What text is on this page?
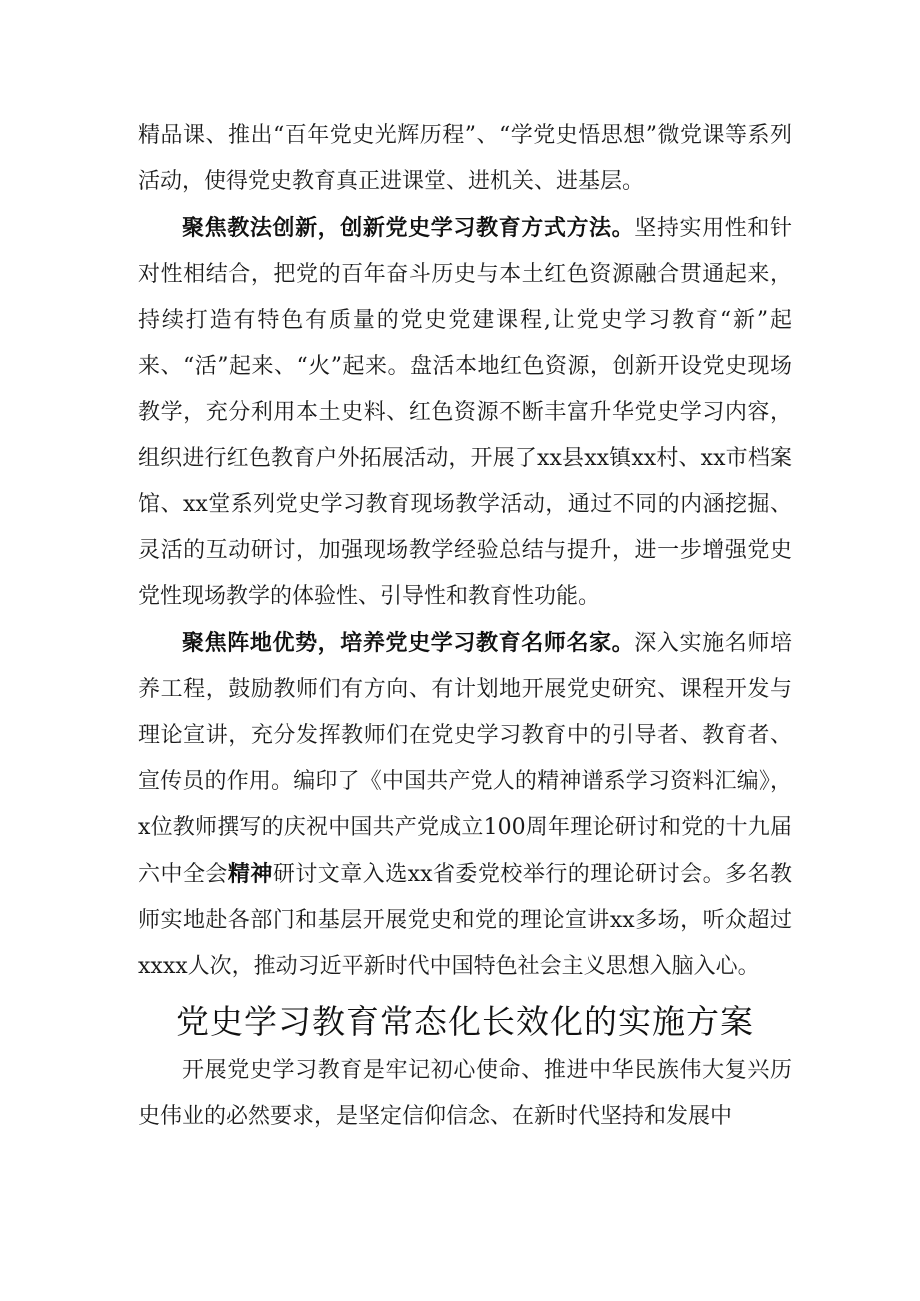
精品课、推出“百年党史光辉历程”、“学党史悟思想”微党课等系列活动，使得党史教育真正进课堂、进机关、进基层。

聚焦教法创新，创新党史学习教育方式方法。坚持实用性和针对性相结合，把党的百年奋斗历史与本土红色资源融合贯通起来，持续打造有特色有质量的党史党建课程,让党史学习教育“新”起来、“活”起来、“火”起来。盘活本地红色资源，创新开设党史现场教学，充分利用本土史料、红色资源不断丰富升华党史学习内容，组织进行红色教育户外拓展活动，开展了xx县xx镇xx村、xx市档案馆、xx堂系列党史学习教育现场教学活动，通过不同的内涵挖掘、灵活的互动研讨，加强现场教学经验总结与提升，进一步增强党史党性现场教学的体验性、引导性和教育性功能。

聚焦阵地优势，培养党史学习教育名师名家。深入实施名师培养工程，鼓励教师们有方向、有计划地开展党史研究、课程开发与理论宣讲，充分发挥教师们在党史学习教育中的引导者、教育者、宣传员的作用。编印了《中国共产党人的精神谱系学习资料汇编》，x位教师撰写的庆祝中国共产党成立100周年理论研讨和党的十九届六中全会精神研讨文章入选xx省委党校举行的理论研讨会。多名教师实地赴各部门和基层开展党史和党的理论宣讲xx多场，听众超过xxxx人次，推动习近平新时代中国特色社会主义思想入脑入心。

党史学习教育常态化长效化的实施方案

开展党史学习教育是牢记初心使命、推进中华民族伟大复兴历史伟业的必然要求，是坚定信仰信念、在新时代坚持和发展中
